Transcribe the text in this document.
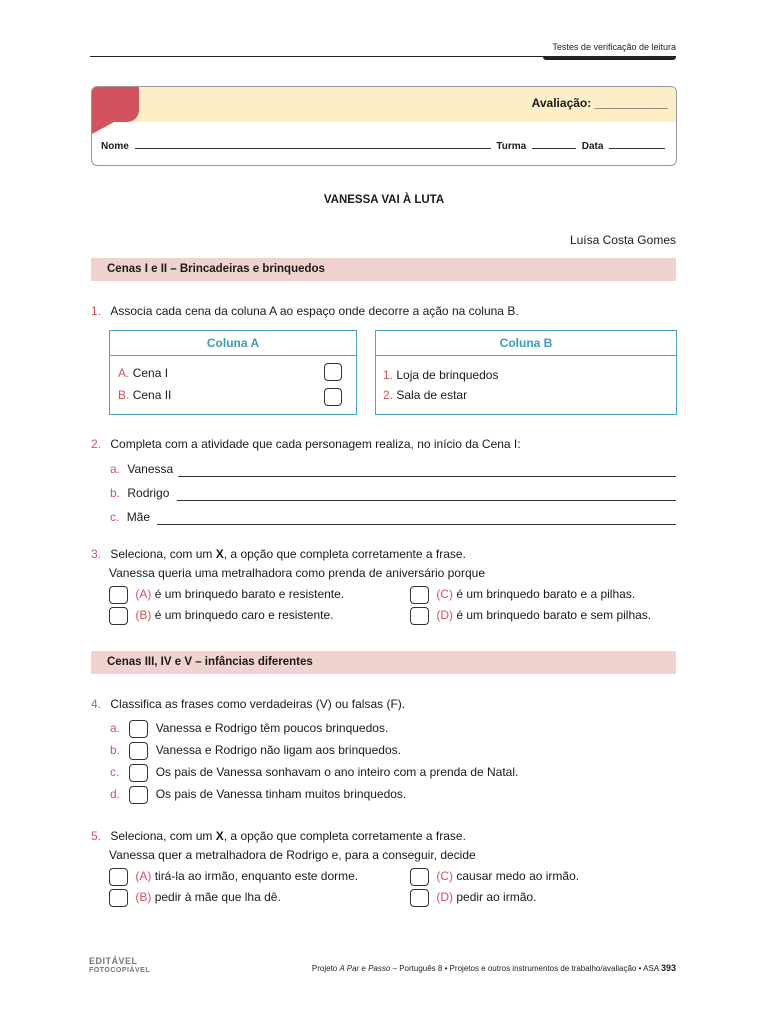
Testes de verificação de leitura
Avaliação: ___________
Nome	Turma	Data
VANESSA VAI À LUTA
Luísa Costa Gomes
Cenas I e II – Brincadeiras e brinquedos
1. Associa cada cena da coluna A ao espaço onde decorre a ação na coluna B.
Coluna A
A. Cena I
B. Cena II
Coluna B
1. Loja de brinquedos
2. Sala de estar
2. Completa com a atividade que cada personagem realiza, no início da Cena I:
a. Vanessa
b. Rodrigo
c. Mãe
3. Seleciona, com um X, a opção que completa corretamente a frase.
Vanessa queria uma metralhadora como prenda de aniversário porque
(A) é um brinquedo barato e resistente.
(B) é um brinquedo caro e resistente.
(C) é um brinquedo barato e a pilhas.
(D) é um brinquedo barato e sem pilhas.
Cenas III, IV e V – infâncias diferentes
4. Classifica as frases como verdadeiras (V) ou falsas (F).
a.	Vanessa e Rodrigo têm poucos brinquedos.
b.	Vanessa e Rodrigo não ligam aos brinquedos.
c.	Os pais de Vanessa sonhavam o ano inteiro com a prenda de Natal.
d.	Os pais de Vanessa tinham muitos brinquedos.
5. Seleciona, com um X, a opção que completa corretamente a frase.
Vanessa quer a metralhadora de Rodrigo e, para a conseguir, decide
(A) tirá-la ao irmão, enquanto este dorme.
(B) pedir à mãe que lha dê.
(C) causar medo ao irmão.
(D) pedir ao irmão.
EDITÁVEL
FOTOCOPIÁVEL	Projeto A Par e Passo – Português 8 • Projetos e outros instrumentos de trabalho/avaliação • ASA 393
